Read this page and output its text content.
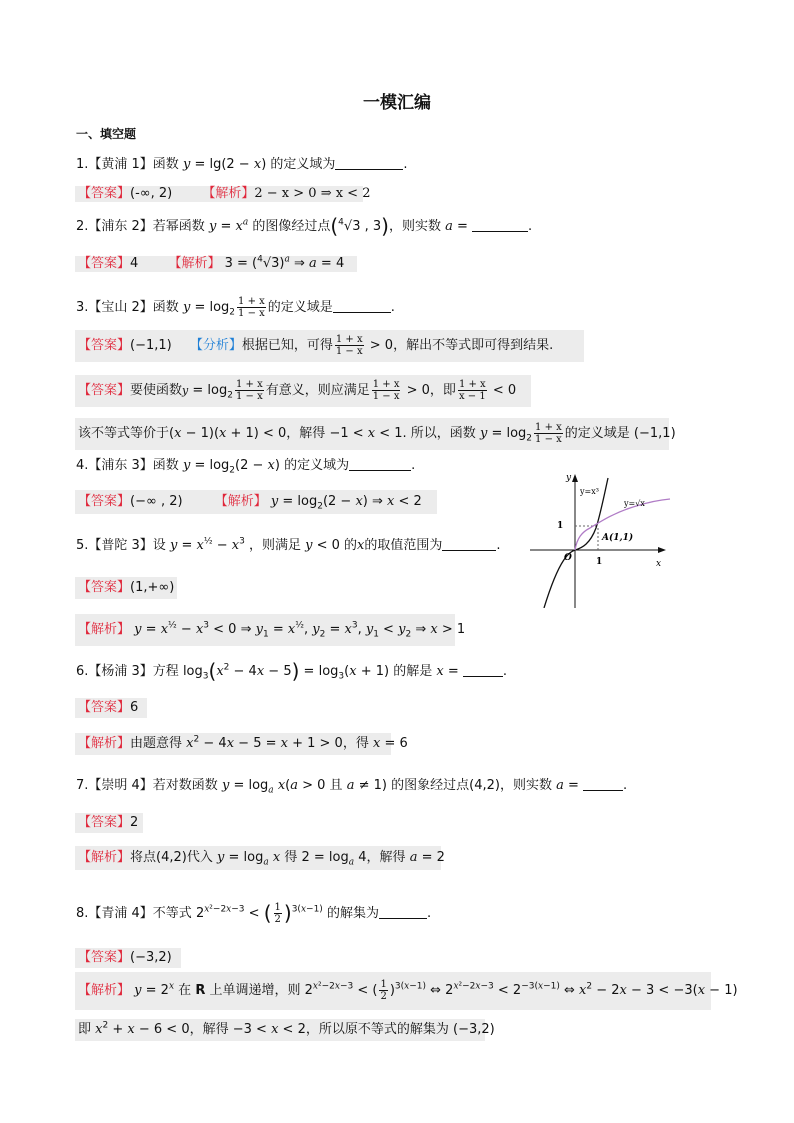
一模汇编
一、填空题
1.【黄浦 1】函数 y = lg(2 − x) 的定义域为	.
【答案】(-∞, 2) 【解析】2 − x > 0 ⇒ x < 2
2.【浦东 2】若幂函数 $y = x^a$ 的图像经过点($^4$√3 , 3)，则实数 a =	.
【答案】4 【解析】 $3 = (^4√3)^a$ ⇒ a = 4
3.【宝山 2】函数 $y = \log_2 \frac{1 + x}{1 - x}$ 的定义域是	.
【答案】(−1,1) 【分析】根据已知，可得 $\frac{1 + x}{1 - x} > 0$，解出不等式即可得到结果.
【答案】要使函数$y = \log_2 \frac{1 + x}{1 - x}$ 有意义，则应满足 $\frac{1 + x}{1 - x} > 0$，即 $\frac{1 + x}{x - 1} < 0$
该不等式等价于(x − 1)(x + 1) < 0，解得 −1 < x < 1. 所以，函数 $y = \log_2 \frac{1 + x}{1 - x}$ 的定义域是 (−1,1)
4.【浦东 3】函数 $y = \log_2(2 - x)$ 的定义域为	.
【答案】(−∞ , 2) 【解析】 $y = \log_2(2 - x)$ ⇒ x < 2
5.【普陀 3】设 $y = x^{\frac{1}{2}} - x^3$ ，则满足 y < 0 的x的取值范围为	.
【答案】(1,+∞)
【解析】 $y = x^{\frac{1}{2}} - x^3 < 0$ ⇒ $y_1 = x^{\frac{1}{2}}$, $y_2 = x^3$, $y_1 < y_2$ ⇒ x > 1
y
x
O
1
1
y=x³
y=√x
A(1,1)
6.【杨浦 3】方程 $\log_3(x^2 - 4x - 5) = \log_3(x + 1)$ 的解是 x =	.
【答案】6
【解析】由题意得 $x^2 - 4x - 5 = x + 1 > 0$，得 x = 6
7.【崇明 4】若对数函数 $y = \log_a x(a > 0$ 且 a ≠ 1) 的图象经过点(4,2)，则实数 a =	.
【答案】2
【解析】将点(4,2)代入 $y = \log_a x$ 得 $2 = \log_a 4$，解得 a = 2
8.【青浦 4】不等式 $2^{x^2-2x-3}$ < ( $\frac{1}{2} )^{3(x-1)}$ 的解集为	.
【答案】(−3,2)
【解析】 $y = 2^x$ 在 R 上单调递增，则 $2^{x^2-2x-3}$ < ( $\frac{1}{2} )^{3(x-1)}$ ⇔ $2^{x^2-2x-3} < 2^{-3(x-1)}$ ⇔ $x^2 - 2x - 3 < -3(x - 1)$
即 $x^2 + x - 6 < 0$，解得 −3 < x < 2，所以原不等式的解集为 (−3,2)
